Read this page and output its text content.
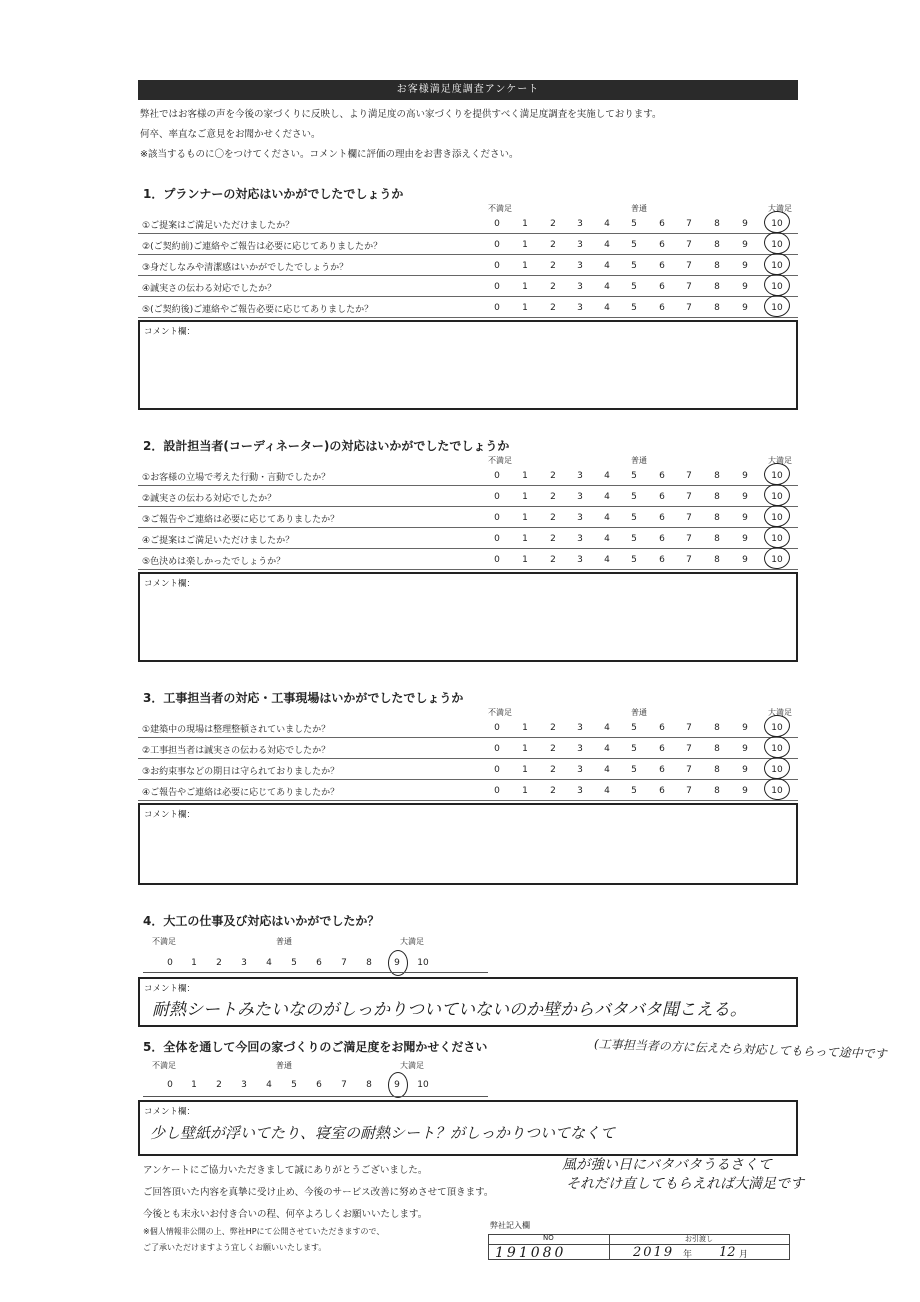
お客様満足度調査アンケート
弊社ではお客様の声を今後の家づくりに反映し、より満足度の高い家づくりを提供すべく満足度調査を実施しております。
何卒、率直なご意見をお聞かせください。
※該当するものに〇をつけてください。コメント欄に評価の理由をお書き添えください。
1．プランナーの対応はいかがでしたでしょうか
不満足	普通	大満足
①ご提案はご満足いただけましたか？	0	1	2	3	4	5	6	7	8	9	10
②(ご契約前)ご連絡やご報告は必要に応じてありましたか？	0	1	2	3	4	5	6	7	8	9	10
③身だしなみや清潔感はいかがでしたでしょうか？	0	1	2	3	4	5	6	7	8	9	10
④誠実さの伝わる対応でしたか？	0	1	2	3	4	5	6	7	8	9	10
⑤(ご契約後)ご連絡やご報告必要に応じてありましたか？	0	1	2	3	4	5	6	7	8	9	10
コメント欄：
2．設計担当者(コーディネーター)の対応はいかがでしたでしょうか
不満足	普通	大満足
①お客様の立場で考えた行動・言動でしたか？	0	1	2	3	4	5	6	7	8	9	10
②誠実さの伝わる対応でしたか？	0	1	2	3	4	5	6	7	8	9	10
③ご報告やご連絡は必要に応じてありましたか？	0	1	2	3	4	5	6	7	8	9	10
④ご提案はご満足いただけましたか？	0	1	2	3	4	5	6	7	8	9	10
⑤色決めは楽しかったでしょうか？	0	1	2	3	4	5	6	7	8	9	10
コメント欄：
3．工事担当者の対応・工事現場はいかがでしたでしょうか
不満足	普通	大満足
①建築中の現場は整理整頓されていましたか？	0	1	2	3	4	5	6	7	8	9	10
②工事担当者は誠実さの伝わる対応でしたか？	0	1	2	3	4	5	6	7	8	9	10
③お約束事などの期日は守られておりましたか？	0	1	2	3	4	5	6	7	8	9	10
④ご報告やご連絡は必要に応じてありましたか？	0	1	2	3	4	5	6	7	8	9	10
コメント欄：
4．大工の仕事及び対応はいかがでしたか？
不満足	普通	大満足
0	1	2	3	4	5	6	7	8	9	10
コメント欄：
耐熱シートみたいなのがしっかりついていないのか壁からバタバタ聞こえる。
5．全体を通して今回の家づくりのご満足度をお聞かせください	(工事担当者の方に伝えたら対応してもらって途中です
不満足	普通	大満足
0	1	2	3	4	5	6	7	8	9	10
コメント欄：
少し壁紙が浮いてたり、寝室の耐熱シート？がしっかりついてなくて
風が強い日にバタバタうるさくて
それだけ直してもらえれば大満足です
アンケートにご協力いただきまして誠にありがとうございました。
ご回答頂いた内容を真摯に受け止め、今後のサービス改善に努めさせて頂きます。
今後とも末永いお付き合いの程、何卒よろしくお願いいたします。
※個人情報非公開の上、弊社HPにて公開させていただきますので、
ご了承いただけますよう宜しくお願いいたします。
弊社記入欄
NO	お引渡し
191080	2019 年 12 月
